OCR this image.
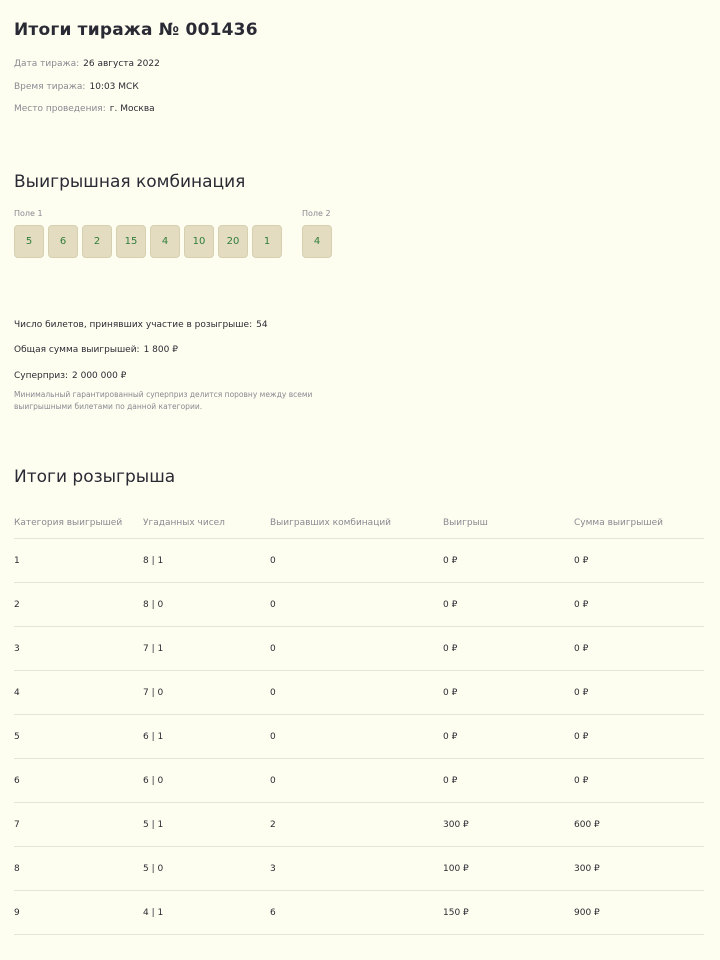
Итоги тиража № 001436
Дата тиража: 26 августа 2022
Время тиража: 10:03 МСК
Место проведения: г. Москва
Выигрышная комбинация
Поле 1
5	6	2	15	4	10	20	1
Поле 2
4
Число билетов, принявших участие в розыгрыше: 54
Общая сумма выигрышей: 1 800 ₽
Суперприз: 2 000 000 ₽
Минимальный гарантированный суперприз делится поровну между всеми выигрышными билетами по данной категории.
Итоги розыгрыша
Категория выигрышей	Угаданных чисел	Выигравших комбинаций	Выигрыш	Сумма выигрышей
1	8 | 1	0	0 ₽	0 ₽
2	8 | 0	0	0 ₽	0 ₽
3	7 | 1	0	0 ₽	0 ₽
4	7 | 0	0	0 ₽	0 ₽
5	6 | 1	0	0 ₽	0 ₽
6	6 | 0	0	0 ₽	0 ₽
7	5 | 1	2	300 ₽	600 ₽
8	5 | 0	3	100 ₽	300 ₽
9	4 | 1	6	150 ₽	900 ₽
